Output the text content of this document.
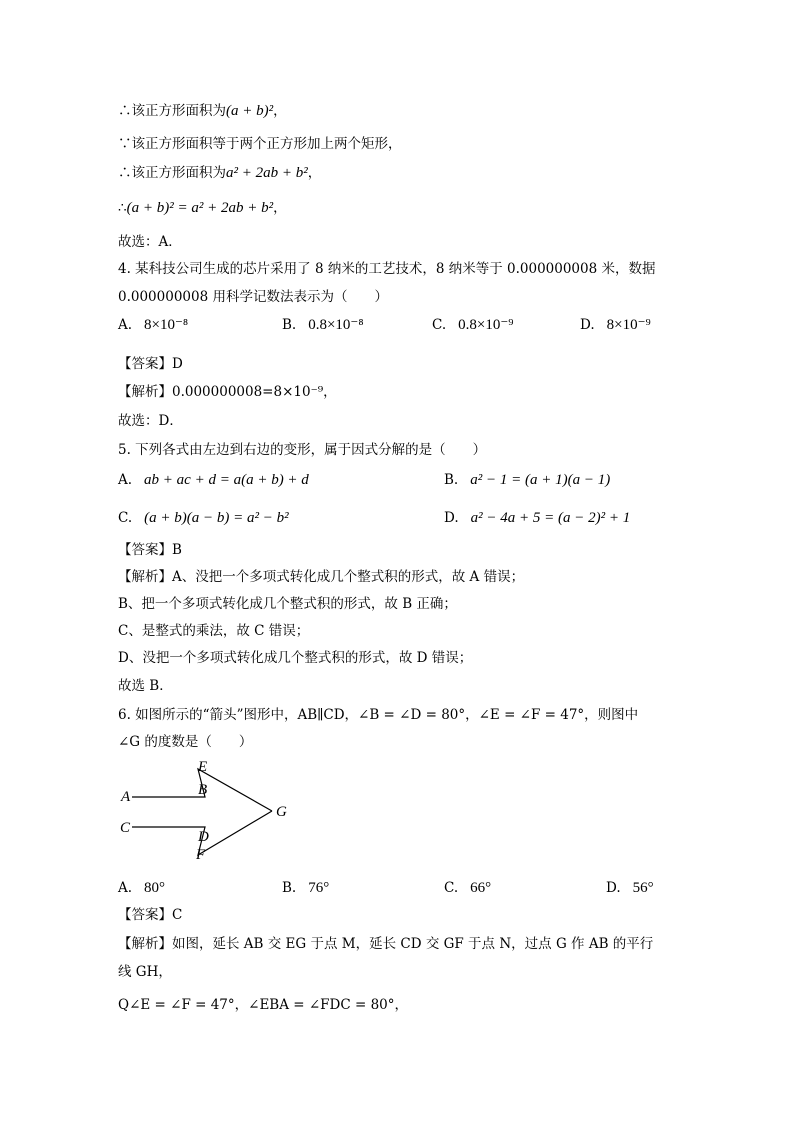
∴该正方形面积为(a + b)²，
∵该正方形面积等于两个正方形加上两个矩形，
∴该正方形面积为a² + 2ab + b²，
∴(a + b)² = a² + 2ab + b²，
故选：A．
4. 某科技公司生成的芯片采用了 8 纳米的工艺技术，8 纳米等于 0.000000008 米，数据
0.000000008 用科学记数法表示为（　　）
A. 8×10⁻⁸	B. 0.8×10⁻⁸	C. 0.8×10⁻⁹	D. 8×10⁻⁹
【答案】D
【解析】0.000000008=8×10⁻⁹，
故选：D．
5. 下列各式由左边到右边的变形，属于因式分解的是（　　）
A. ab + ac + d = a(a + b) + d	B. a² − 1 = (a + 1)(a − 1)
C. (a + b)(a − b) = a² − b²	D. a² − 4a + 5 = (a − 2)² + 1
【答案】B
【解析】A、没把一个多项式转化成几个整式积的形式，故 A 错误；
B、把一个多项式转化成几个整式积的形式，故 B 正确；
C、是整式的乘法，故 C 错误；
D、没把一个多项式转化成几个整式积的形式，故 D 错误；
故选 B．
6. 如图所示的“箭头”图形中，AB∥CD，∠B = ∠D = 80°，∠E = ∠F = 47°，则图中
∠G 的度数是（　　）
E
B
A
G
C
D
F
A. 80°	B. 76°	C. 66°	D. 56°
【答案】C
【解析】如图，延长 AB 交 EG 于点 M，延长 CD 交 GF 于点 N，过点 G 作 AB 的平行
线 GH，
Q∠E = ∠F = 47°，∠EBA = ∠FDC = 80°，
